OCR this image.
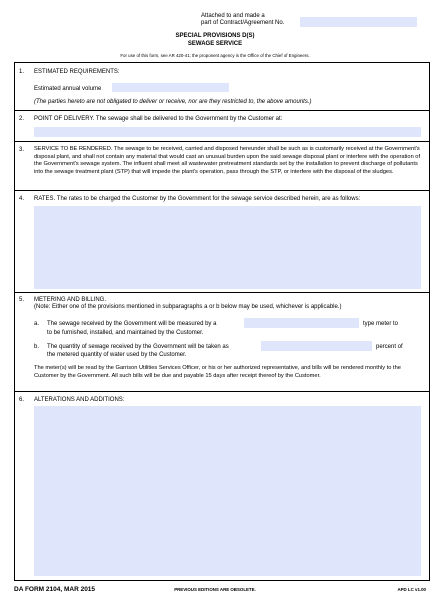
Attached to and made a
part of Contract/Agreement No.
SPECIAL PROVISIONS D(S)
SEWAGE SERVICE
For use of this form, see AR 420-41; the proponent agency is the Office of the Chief of Engineers.
1. ESTIMATED REQUIREMENTS:
Estimated annual volume
(The parties hereto are not obligated to deliver or receive, nor are they restricted to, the above amounts.)
2. POINT OF DELIVERY. The sewage shall be delivered to the Government by the Customer at:
3. SERVICE TO BE RENDERED. The sewage to be received, carried and disposed hereunder shall be such as is customarily received at the Government's disposal plant, and shall not contain any material that would cast an unusual burden upon the said sewage disposal plant or interfere with the operation of the Government's sewage system. The influent shall meet all wastewater pretreatment standards set by the installation to prevent discharge of pollutants into the sewage treatment plant (STP) that will impede the plant's operation, pass through the STP, or interfere with the disposal of the sludges.
4. RATES. The rates to be charged the Customer by the Government for the sewage service described herein, are as follows:
5. METERING AND BILLING.
(Note: Either one of the provisions mentioned in subparagraphs a or b below may be used, whichever is applicable.)
a. The sewage received by the Government will be measured by a	type meter to
to be furnished, installed, and maintained by the Customer.
b. The quantity of sewage received by the Government will be taken as	percent of
the metered quantity of water used by the Customer.
The meter(s) will be read by the Garrison Utilities Services Officer, or his or her authorized representative, and bills will be rendered monthly to the Customer by the Government. All such bills will be due and payable 15 days after receipt thereof by the Customer.
6. ALTERATIONS AND ADDITIONS:
DA FORM 2104, MAR 2015	PREVIOUS EDITIONS ARE OBSOLETE.	APD LC v1.00
